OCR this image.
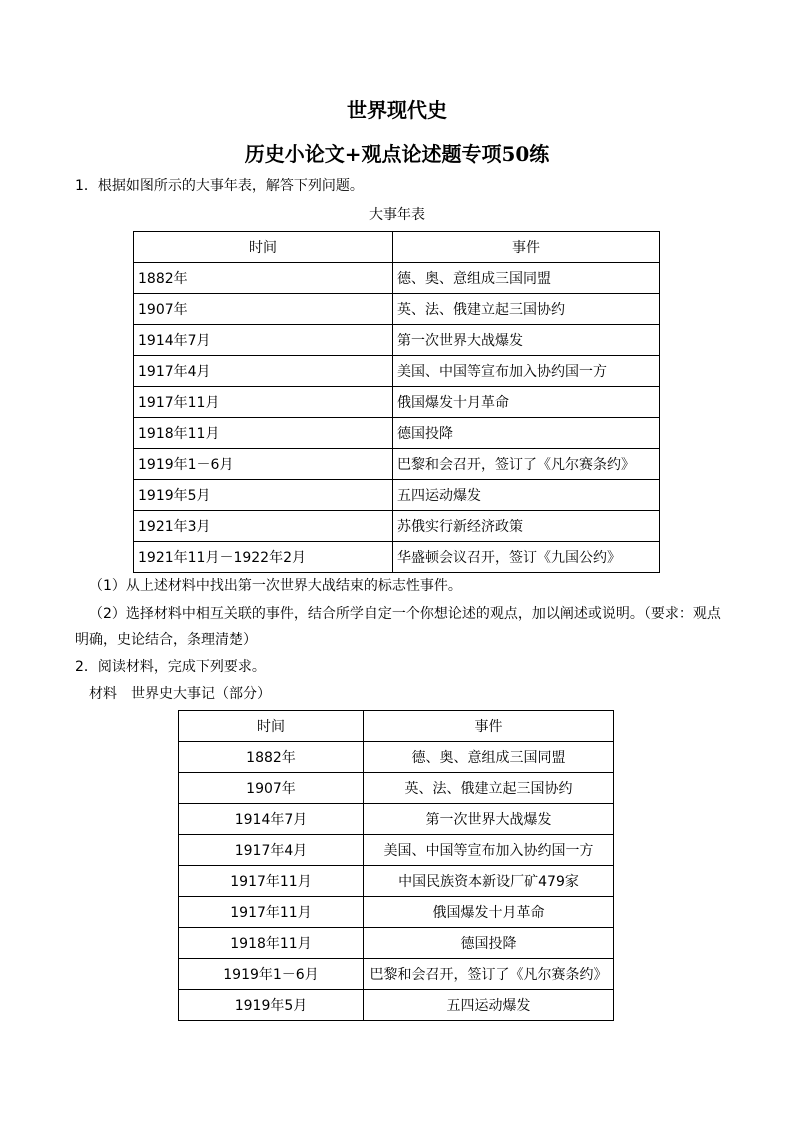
世界现代史
历史小论文+观点论述题专项50练
1．根据如图所示的大事年表，解答下列问题。
大事年表
时间	事件
1882年	德、奥、意组成三国同盟
1907年	英、法、俄建立起三国协约
1914年7月	第一次世界大战爆发
1917年4月	美国、中国等宣布加入协约国一方
1917年11月	俄国爆发十月革命
1918年11月	德国投降
1919年1－6月	巴黎和会召开，签订了《凡尔赛条约》
1919年5月	五四运动爆发
1921年3月	苏俄实行新经济政策
1921年11月－1922年2月	华盛顿会议召开，签订《九国公约》
（1）从上述材料中找出第一次世界大战结束的标志性事件。
（2）选择材料中相互关联的事件，结合所学自定一个你想论述的观点，加以阐述或说明。（要求：观点
明确，史论结合，条理清楚）
2．阅读材料，完成下列要求。
材料　世界史大事记（部分）
时间	事件
1882年	德、奥、意组成三国同盟
1907年	英、法、俄建立起三国协约
1914年7月	第一次世界大战爆发
1917年4月	美国、中国等宣布加入协约国一方
1917年11月	中国民族资本新设厂矿479家
1917年11月	俄国爆发十月革命
1918年11月	德国投降
1919年1－6月	巴黎和会召开，签订了《凡尔赛条约》
1919年5月	五四运动爆发
